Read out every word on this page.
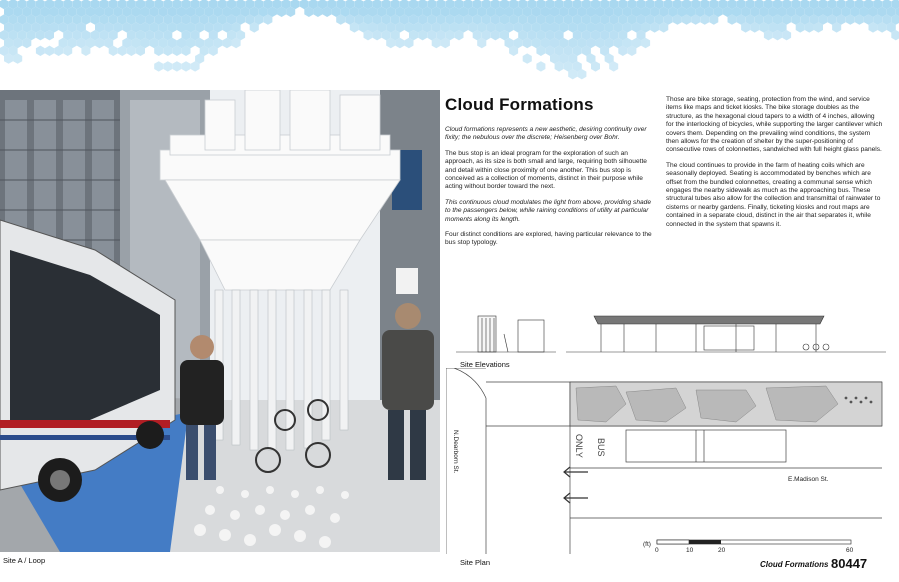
Site A / Loop
Cloud Formations

Cloud formations represents a new aesthetic, desiring continuity over fixity; the nebulous over the discrete; Heisenberg over Bohr.

The bus stop is an ideal program for the exploration of such an approach, as its size is both small and large, requiring both silhouette and detail within close proximity of one another. This bus stop is conceived as a collection of moments, distinct in their purpose while acting without border toward the next.

This continuous cloud modulates the light from above, providing shade to the passengers below, while raining conditions of utility at particular moments along its length.

Four distinct conditions are explored, having particular relevance to the bus stop typology.

Those are bike storage, seating, protection from the wind, and service items like maps and ticket kiosks. The bike storage doubles as the structure, as the hexagonal cloud tapers to a width of 4 inches, allowing for the interlocking of bicycles, while supporting the larger cantilever which covers them. Depending on the prevailing wind conditions, the system then allows for the creation of shelter by the super-positioning of consecutive rows of colonnettes, sandwiched with full height glass panels.

The cloud continues to provide in the farm of heating coils which are seasonally deployed. Seating is accommodated by benches which are offset from the bundled colonnettes, creating a communal sense which engages the nearby sidewalk as much as the approaching bus. These structural tubes also allow for the collection and transmittal of rainwater to cisterns or nearby gardens. Finally, ticketing kiosks and rout maps are contained in a separate cloud, distinct in the air that separates it, while connected in the system that spawns it.

Site Elevations
ONLY BUS
N.Dearborn St.
E.Madison St.
(ft)
0	10	20	60
Site Plan	Cloud Formations 80447
